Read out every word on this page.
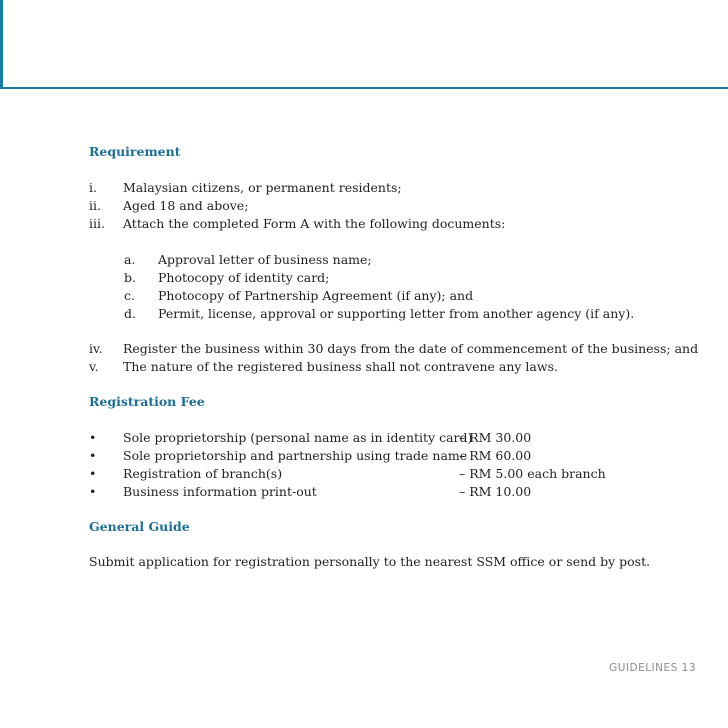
Requirement
i. Malaysian citizens, or permanent residents;
ii. Aged 18 and above;
iii. Attach the completed Form A with the following documents:
a. Approval letter of business name;
b. Photocopy of identity card;
c. Photocopy of Partnership Agreement (if any); and
d. Permit, license, approval or supporting letter from another agency (if any).
iv. Register the business within 30 days from the date of commencement of the business; and
v. The nature of the registered business shall not contravene any laws.
Registration Fee
• Sole proprietorship (personal name as in identity card)
– RM 30.00
• Sole proprietorship and partnership using trade name
– RM 60.00
• Registration of branch(s)	– RM 5.00 each branch
• Business information print-out	– RM 10.00
General Guide
Submit application for registration personally to the nearest SSM office or send by post.
GUIDELINES 13
